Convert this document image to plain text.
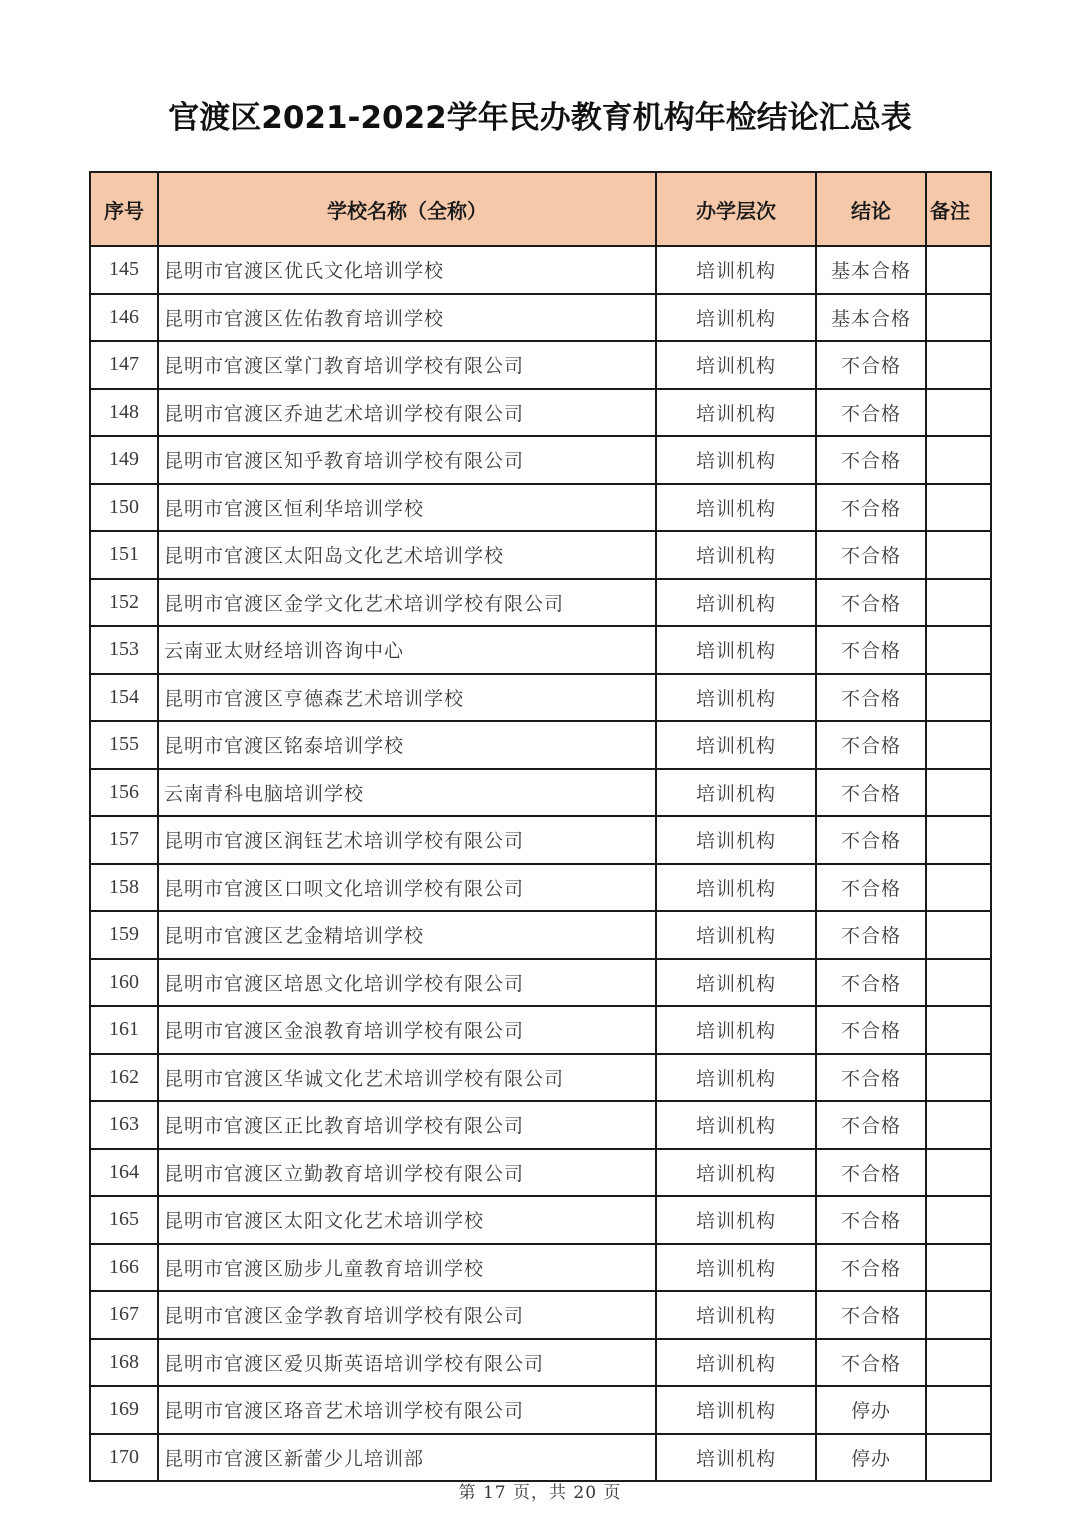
官渡区2021-2022学年民办教育机构年检结论汇总表
序号	学校名称（全称）	办学层次	结论	备注
145	昆明市官渡区优氏文化培训学校	培训机构	基本合格	
146	昆明市官渡区佐佑教育培训学校	培训机构	基本合格	
147	昆明市官渡区掌门教育培训学校有限公司	培训机构	不合格	
148	昆明市官渡区乔迪艺术培训学校有限公司	培训机构	不合格	
149	昆明市官渡区知乎教育培训学校有限公司	培训机构	不合格	
150	昆明市官渡区恒利华培训学校	培训机构	不合格	
151	昆明市官渡区太阳岛文化艺术培训学校	培训机构	不合格	
152	昆明市官渡区金学文化艺术培训学校有限公司	培训机构	不合格	
153	云南亚太财经培训咨询中心	培训机构	不合格	
154	昆明市官渡区亨德森艺术培训学校	培训机构	不合格	
155	昆明市官渡区铭泰培训学校	培训机构	不合格	
156	云南青科电脑培训学校	培训机构	不合格	
157	昆明市官渡区润钰艺术培训学校有限公司	培训机构	不合格	
158	昆明市官渡区口呗文化培训学校有限公司	培训机构	不合格	
159	昆明市官渡区艺金精培训学校	培训机构	不合格	
160	昆明市官渡区培恩文化培训学校有限公司	培训机构	不合格	
161	昆明市官渡区金浪教育培训学校有限公司	培训机构	不合格	
162	昆明市官渡区华诚文化艺术培训学校有限公司	培训机构	不合格	
163	昆明市官渡区正比教育培训学校有限公司	培训机构	不合格	
164	昆明市官渡区立勤教育培训学校有限公司	培训机构	不合格	
165	昆明市官渡区太阳文化艺术培训学校	培训机构	不合格	
166	昆明市官渡区励步儿童教育培训学校	培训机构	不合格	
167	昆明市官渡区金学教育培训学校有限公司	培训机构	不合格	
168	昆明市官渡区爱贝斯英语培训学校有限公司	培训机构	不合格	
169	昆明市官渡区珞音艺术培训学校有限公司	培训机构	停办	
170	昆明市官渡区新蕾少儿培训部	培训机构	停办	
第 17 页，共 20 页
